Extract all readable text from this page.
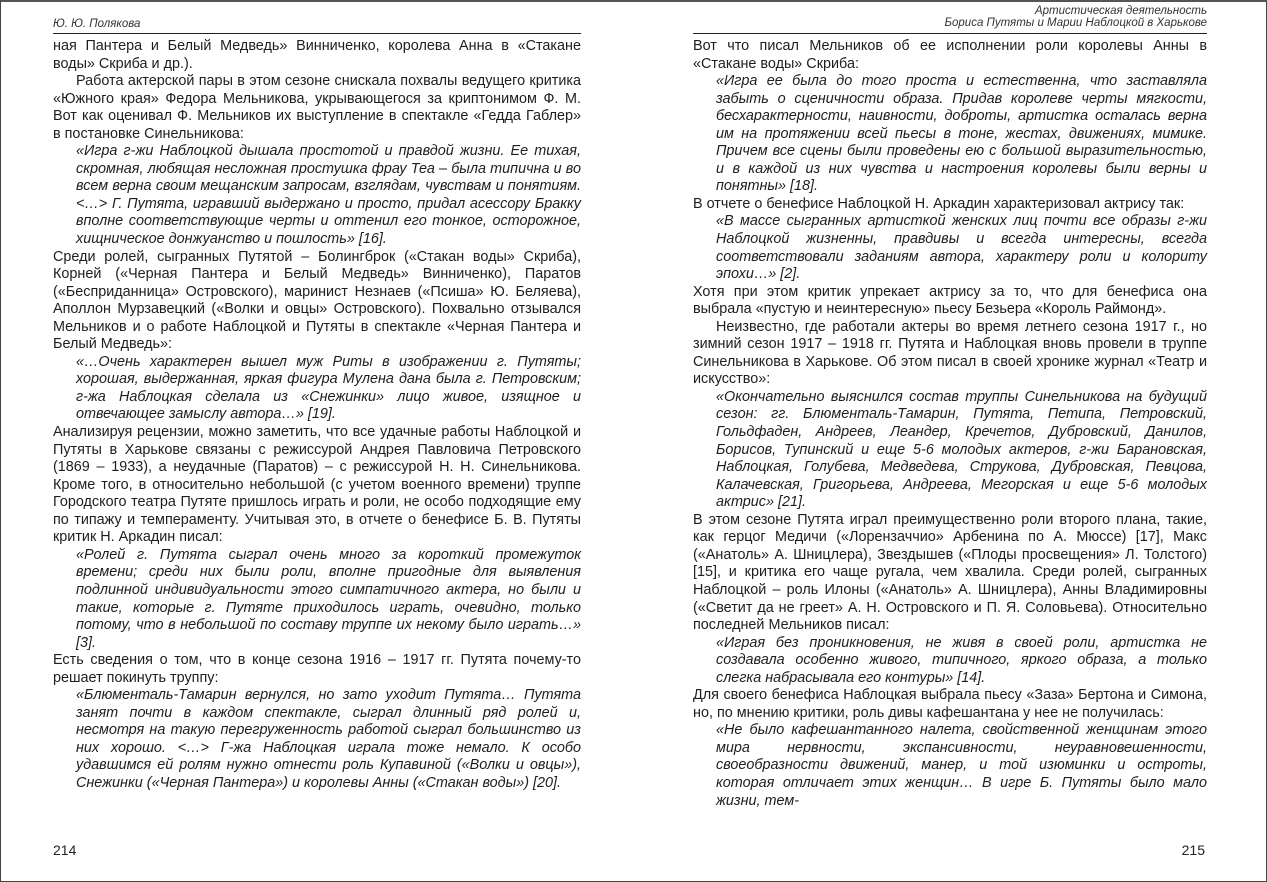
Ю. Ю. Полякова

ная Пантера и Белый Медведь» Винниченко, королева Анна в «Стакане воды» Скриба и др.).

Работа актерской пары в этом сезоне снискала похвалы ведущего критика «Южного края» Федора Мельникова, укрывающегося за криптонимом Ф. М. Вот как оценивал Ф. Мельников их выступление в спектакле «Гедда Габлер» в постановке Синельникова:

«Игра г-жи Наблоцкой дышала простотой и правдой жизни. Ее тихая, скромная, любящая несложная простушка фрау Теа – была типична и во всем верна своим мещанским запросам, взглядам, чувствам и понятиям. <…> Г. Путята, игравший выдержано и просто, придал асессору Бракку вполне соответствующие черты и оттенил его тонкое, осторожное, хищническое донжуанство и пошлость» [16].

Среди ролей, сыгранных Путятой – Болингброк («Стакан воды» Скриба), Корней («Черная Пантера и Белый Медведь» Винниченко), Паратов («Бесприданница» Островского), маринист Незнаев («Псиша» Ю. Беляева), Аполлон Мурзавецкий («Волки и овцы» Островского). Похвально отзывался Мельников и о работе Наблоцкой и Путяты в спектакле «Черная Пантера и Белый Медведь»:

«…Очень характерен вышел муж Риты в изображении г. Путяты; хорошая, выдержанная, яркая фигура Мулена дана была г. Петровским; г-жа Наблоцкая сделала из «Снежинки» лицо живое, изящное и отвечающее замыслу автора…» [19].

Анализируя рецензии, можно заметить, что все удачные работы Наблоцкой и Путяты в Харькове связаны с режиссурой Андрея Павловича Петровского (1869 – 1933), а неудачные (Паратов) – с режиссурой Н. Н. Синельникова. Кроме того, в относительно небольшой (с учетом военного времени) труппе Городского театра Путяте пришлось играть и роли, не особо подходящие ему по типажу и темпераменту. Учитывая это, в отчете о бенефисе Б. В. Путяты критик Н. Аркадин писал:

«Ролей г. Путята сыграл очень много за короткий промежуток времени; среди них были роли, вполне пригодные для выявления подлинной индивидуальности этого симпатичного актера, но были и такие, которые г. Путяте приходилось играть, очевидно, только потому, что в небольшой по составу труппе их некому было играть…» [3].

Есть сведения о том, что в конце сезона 1916 – 1917 гг. Путята почему-то решает покинуть труппу:

«Блюменталь-Тамарин вернулся, но зато уходит Путята… Путята занят почти в каждом спектакле, сыграл длинный ряд ролей и, несмотря на такую перегруженность работой сыграл большинство из них хорошо. <…> Г-жа Наблоцкая играла тоже немало. К особо удавшимся ей ролям нужно отнести роль Купавиной («Волки и овцы»), Снежинки («Черная Пантера») и королевы Анны («Стакан воды») [20].

214
Артистическая деятельность
Бориса Путяты и Марии Наблоцкой в Харькове

Вот что писал Мельников об ее исполнении роли королевы Анны в «Стакане воды» Скриба:

«Игра ее была до того проста и естественна, что заставляла забыть о сценичности образа. Придав королеве черты мягкости, бесхарактерности, наивности, доброты, артистка осталась верна им на протяжении всей пьесы в тоне, жестах, движениях, мимике. Причем все сцены были проведены ею с большой выразительностью, и в каждой из них чувства и настроения королевы были верны и понятны» [18].

В отчете о бенефисе Наблоцкой Н. Аркадин характеризовал актрису так:

«В массе сыгранных артисткой женских лиц почти все образы г-жи Наблоцкой жизненны, правдивы и всегда интересны, всегда соответствовали заданиям автора, характеру роли и колориту эпохи…» [2].

Хотя при этом критик упрекает актрису за то, что для бенефиса она выбрала «пустую и неинтересную» пьесу Безьера «Король Раймонд».

Неизвестно, где работали актеры во время летнего сезона 1917 г., но зимний сезон 1917 – 1918 гг. Путята и Наблоцкая вновь провели в труппе Синельникова в Харькове. Об этом писал в своей хронике журнал «Театр и искусство»:

«Окончательно выяснился состав труппы Синельникова на будущий сезон: гг. Блюменталь-Тамарин, Путята, Петипа, Петровский, Гольдфаден, Андреев, Леандер, Кречетов, Дубровский, Данилов, Борисов, Тупинский и еще 5-6 молодых актеров, г-жи Барановская, Наблоцкая, Голубева, Медведева, Струкова, Дубровская, Певцова, Калачевская, Григорьева, Андреева, Мегорская и еще 5-6 молодых актрис» [21].

В этом сезоне Путята играл преимущественно роли второго плана, такие, как герцог Медичи («Лорензаччио» Арбенина по А. Мюссе) [17], Макс («Анатоль» А. Шницлера), Звездышев («Плоды просвещения» Л. Толстого) [15], и критика его чаще ругала, чем хвалила. Среди ролей, сыгранных Наблоцкой – роль Илоны («Анатоль» А. Шницлера), Анны Владимировны («Светит да не греет» А. Н. Островского и П. Я. Соловьева). Относительно последней Мельников писал:

«Играя без проникновения, не живя в своей роли, артистка не создавала особенно живого, типичного, яркого образа, а только слегка набрасывала его контуры» [14].

Для своего бенефиса Наблоцкая выбрала пьесу «Заза» Бертона и Симона, но, по мнению критики, роль дивы кафешантана у нее не получилась:

«Не было кафешантанного налета, свойственной женщинам этого мира нервности, экспансивности, неуравновешенности, своеобразности движений, манер, и той изюминки и остроты, которая отличает этих женщин… В игре Б. Путяты было мало жизни, тем-

215
